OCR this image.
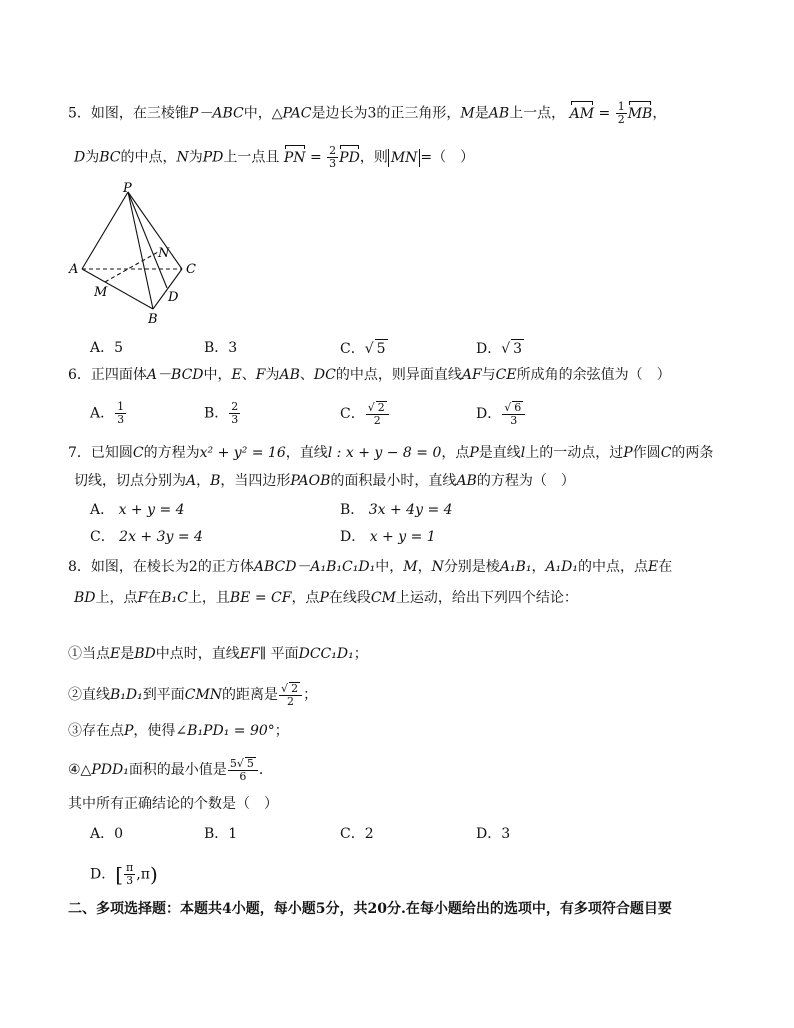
5．如图，在三棱锥P－ABC中，△PAC是边长为3的正三角形，M是AB上一点， AM = $\frac{1}{2}$ MB，
D为BC的中点，N为PD上一点且 PN = $\frac{2}{3}$ PD，则 MN =（　）
P
A	C
N
M	D
B
A．5	B．3	C．√ 5	D．√ 3
6．正四面体A－BCD中，E、F为AB、DC的中点，则异面直线AF与CE所成角的余弦值为（　）
A． $\frac{1}{3}$	B． $\frac{2}{3}$	C． $\frac{√ 2}{2}$	D． $\frac{√ 6}{3}$
7．已知圆C的方程为x² + y² = 16，直线l : x + y − 8 = 0，点P是直线l上的一动点，过P作圆C的两条
切线，切点分别为A，B，当四边形PAOB的面积最小时，直线AB的方程为（　）
A． x + y = 4	B． 3x + 4y = 4
C． 2x + 3y = 4	D． x + y = 1
8．如图，在棱长为2的正方体ABCD－A₁B₁C₁D₁中，M，N分别是棱A₁B₁，A₁D₁的中点，点E在
BD上，点F在B₁C上，且BE = CF，点P在线段CM上运动，给出下列四个结论：
①当点E是BD中点时，直线EF∥ 平面DCC₁D₁；
②直线B₁D₁到平面CMN的距离是 $\frac{√ 2}{2}$ ；
③存在点P，使得∠B₁PD₁ = 90°；
④△PDD₁面积的最小值是 $\frac{5√ 5}{6}$ ．
其中所有正确结论的个数是（　）
A．0	B．1	C．2	D．3
D．[ $\frac{\pi}{3} ,\pi$)
二、多项选择题：本题共4小题，每小题5分，共20分.在每小题给出的选项中，有多项符合题目要
